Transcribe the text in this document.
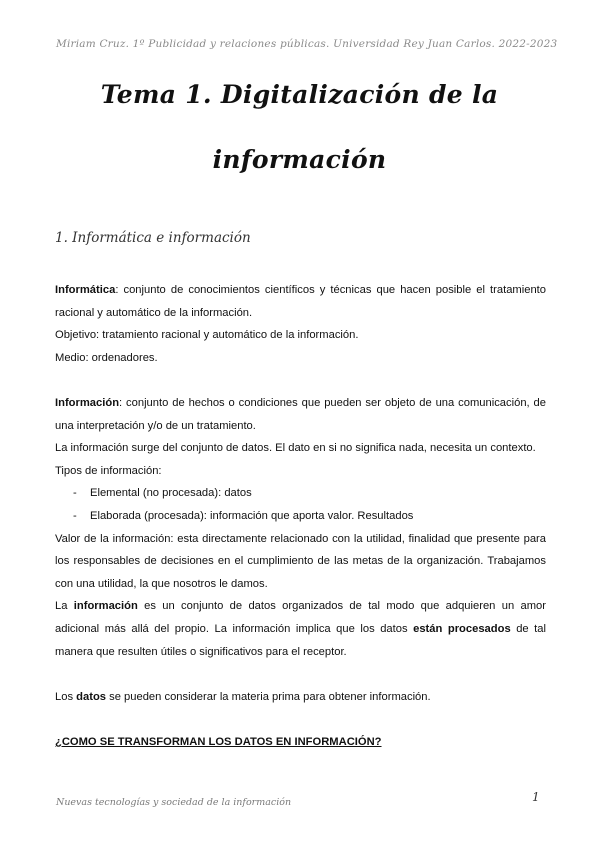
Miriam Cruz. 1º Publicidad y relaciones públicas. Universidad Rey Juan Carlos. 2022-2023
Tema 1. Digitalización de la
información
1. Informática e información

Informática: conjunto de conocimientos científicos y técnicas que hacen posible el tratamiento racional y automático de la información.

Objetivo: tratamiento racional y automático de la información.

Medio: ordenadores.

Información: conjunto de hechos o condiciones que pueden ser objeto de una comunicación, de una interpretación y/o de un tratamiento.

La información surge del conjunto de datos. El dato en si no significa nada, necesita un contexto.

Tipos de información:

- Elemental (no procesada): datos

- Elaborada (procesada): información que aporta valor. Resultados

Valor de la información: esta directamente relacionado con la utilidad, finalidad que presente para los responsables de decisiones en el cumplimiento de las metas de la organización. Trabajamos con una utilidad, la que nosotros le damos.

La información es un conjunto de datos organizados de tal modo que adquieren un amor adicional más allá del propio. La información implica que los datos están procesados de tal manera que resulten útiles o significativos para el receptor.

Los datos se pueden considerar la materia prima para obtener información.

¿COMO SE TRANSFORMAN LOS DATOS EN INFORMACIÓN?

Nuevas tecnologías y sociedad de la información	1
